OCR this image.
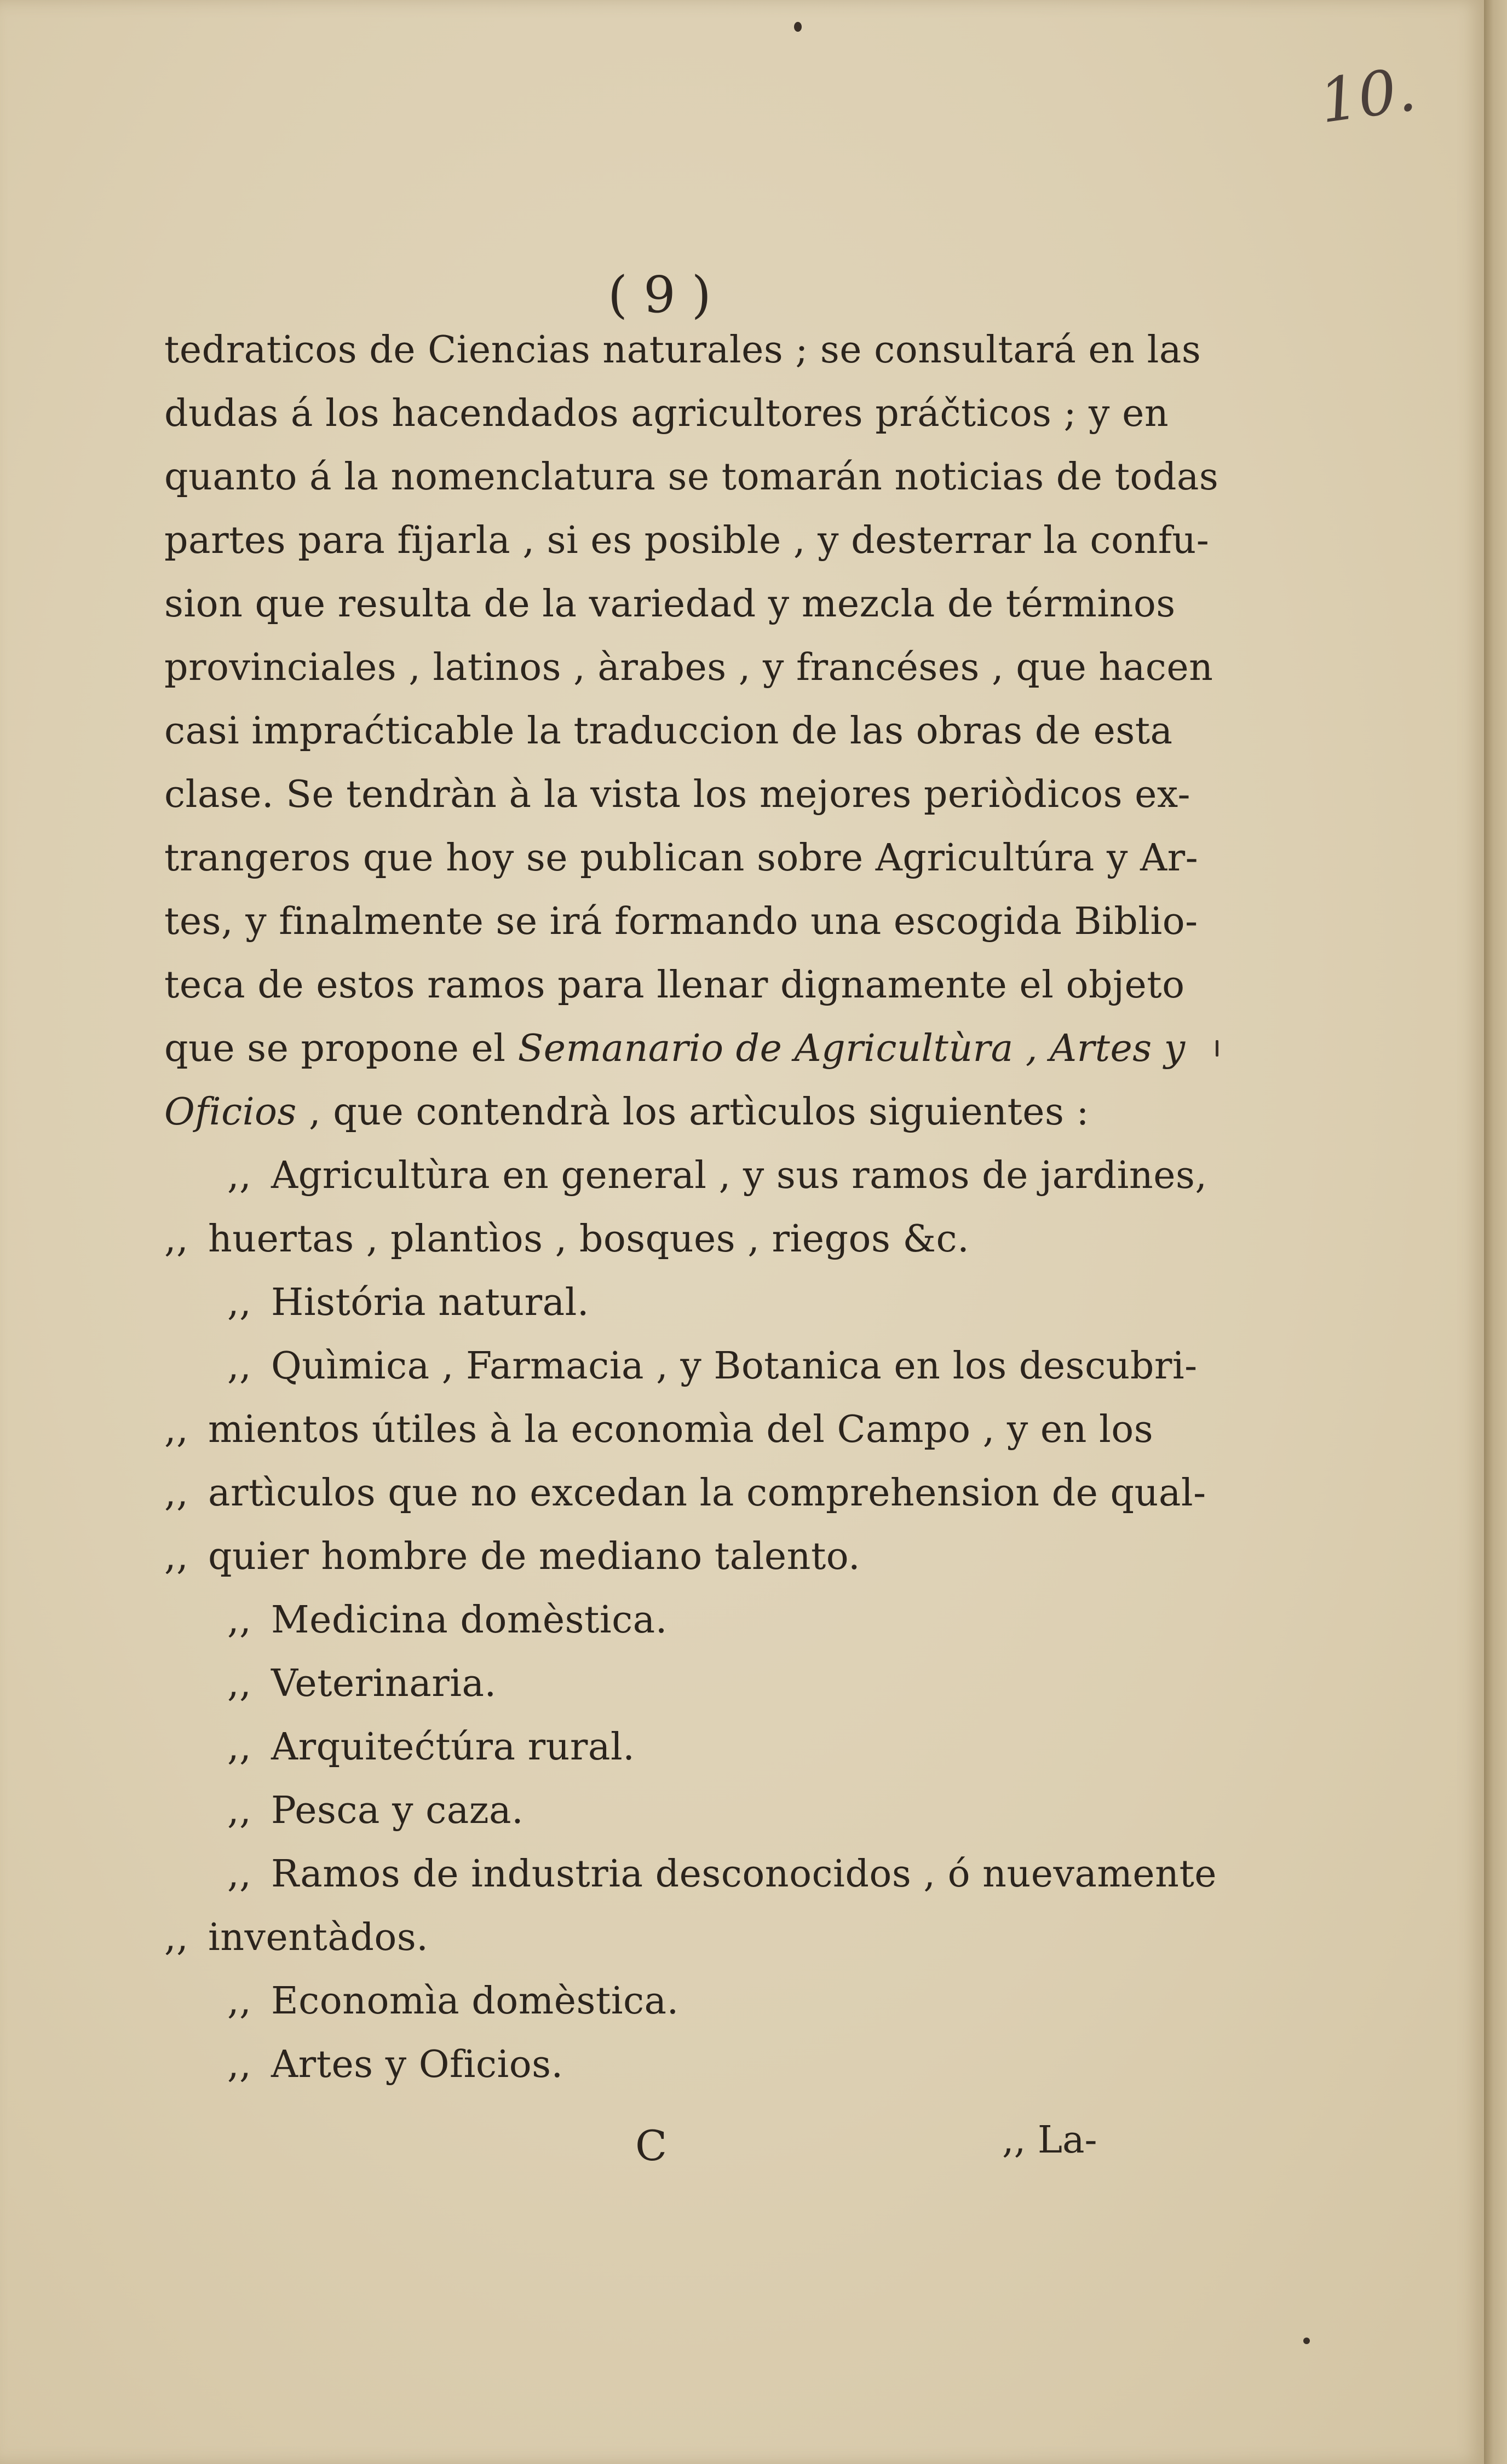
10.
( 9 )
tedraticos de Ciencias naturales ; se consultará en las
dudas á los hacendados agricultores práčticos ; y en
quanto á la nomenclatura se tomarán noticias de todas
partes para fijarla , si es posible , y desterrar la confu-
sion que resulta de la variedad y mezcla de términos
provinciales , latinos , àrabes , y francéses , que hacen
casi impraćticable la traduccion de las obras de esta
clase. Se tendràn à la vista los mejores periòdicos ex-
trangeros que hoy se publican sobre Agricultúra y Ar-
tes, y finalmente se irá formando una escogida Biblio-
teca de estos ramos para llenar dignamente el objeto
que se propone el Semanario de Agricultùra , Artes y
Oficios , que contendrà los artìculos siguientes :
,, Agricultùra en general , y sus ramos de jardines,
,, huertas , plantìos , bosques , riegos &c.
,, História natural.
,, Quìmica , Farmacia , y Botanica en los descubri-
,, mientos útiles à la economìa del Campo , y en los
,, artìculos que no excedan la comprehension de qual-
,, quier hombre de mediano talento.
,, Medicina domèstica.
,, Veterinaria.
,, Arquitećtúra rural.
,, Pesca y caza.
,, Ramos de industria desconocidos , ó nuevamente
,, inventàdos.
,, Economìa domèstica.
,, Artes y Oficios.
C	,, La-
